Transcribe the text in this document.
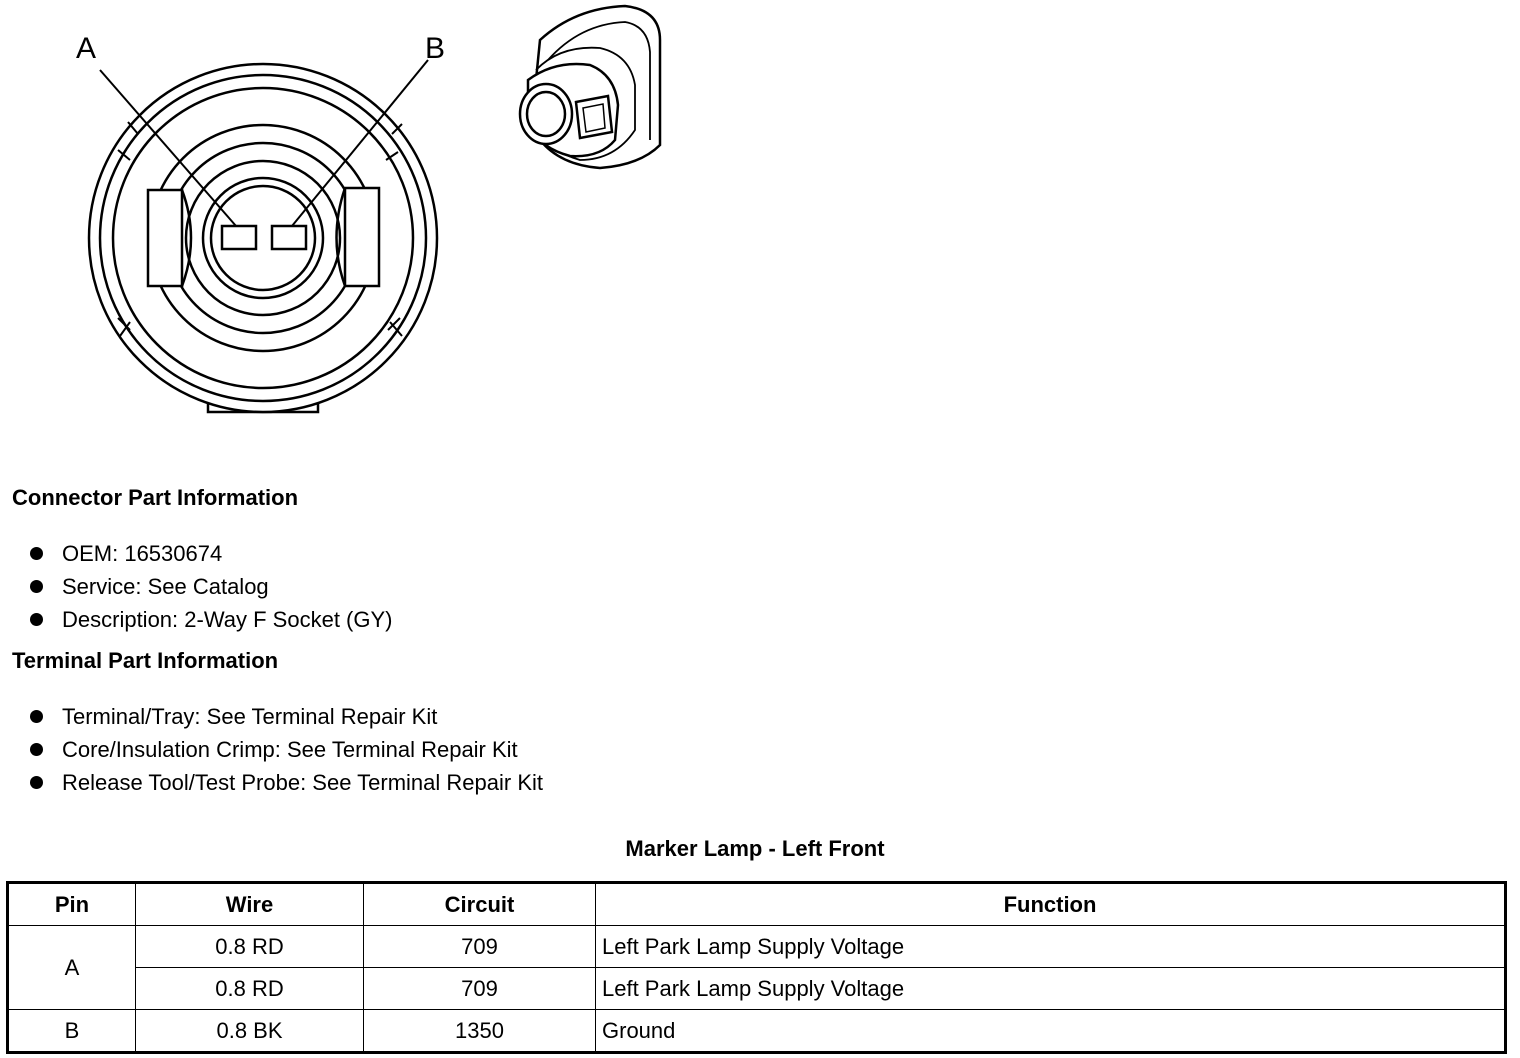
A	B
Connector Part Information
OEM: 16530674
Service: See Catalog
Description: 2-Way F Socket (GY)
Terminal Part Information
Terminal/Tray: See Terminal Repair Kit
Core/Insulation Crimp: See Terminal Repair Kit
Release Tool/Test Probe: See Terminal Repair Kit
Marker Lamp - Left Front
Pin	Wire	Circuit	Function
A	0.8 RD	709	Left Park Lamp Supply Voltage
	0.8 RD	709	Left Park Lamp Supply Voltage
B	0.8 BK	1350	Ground
